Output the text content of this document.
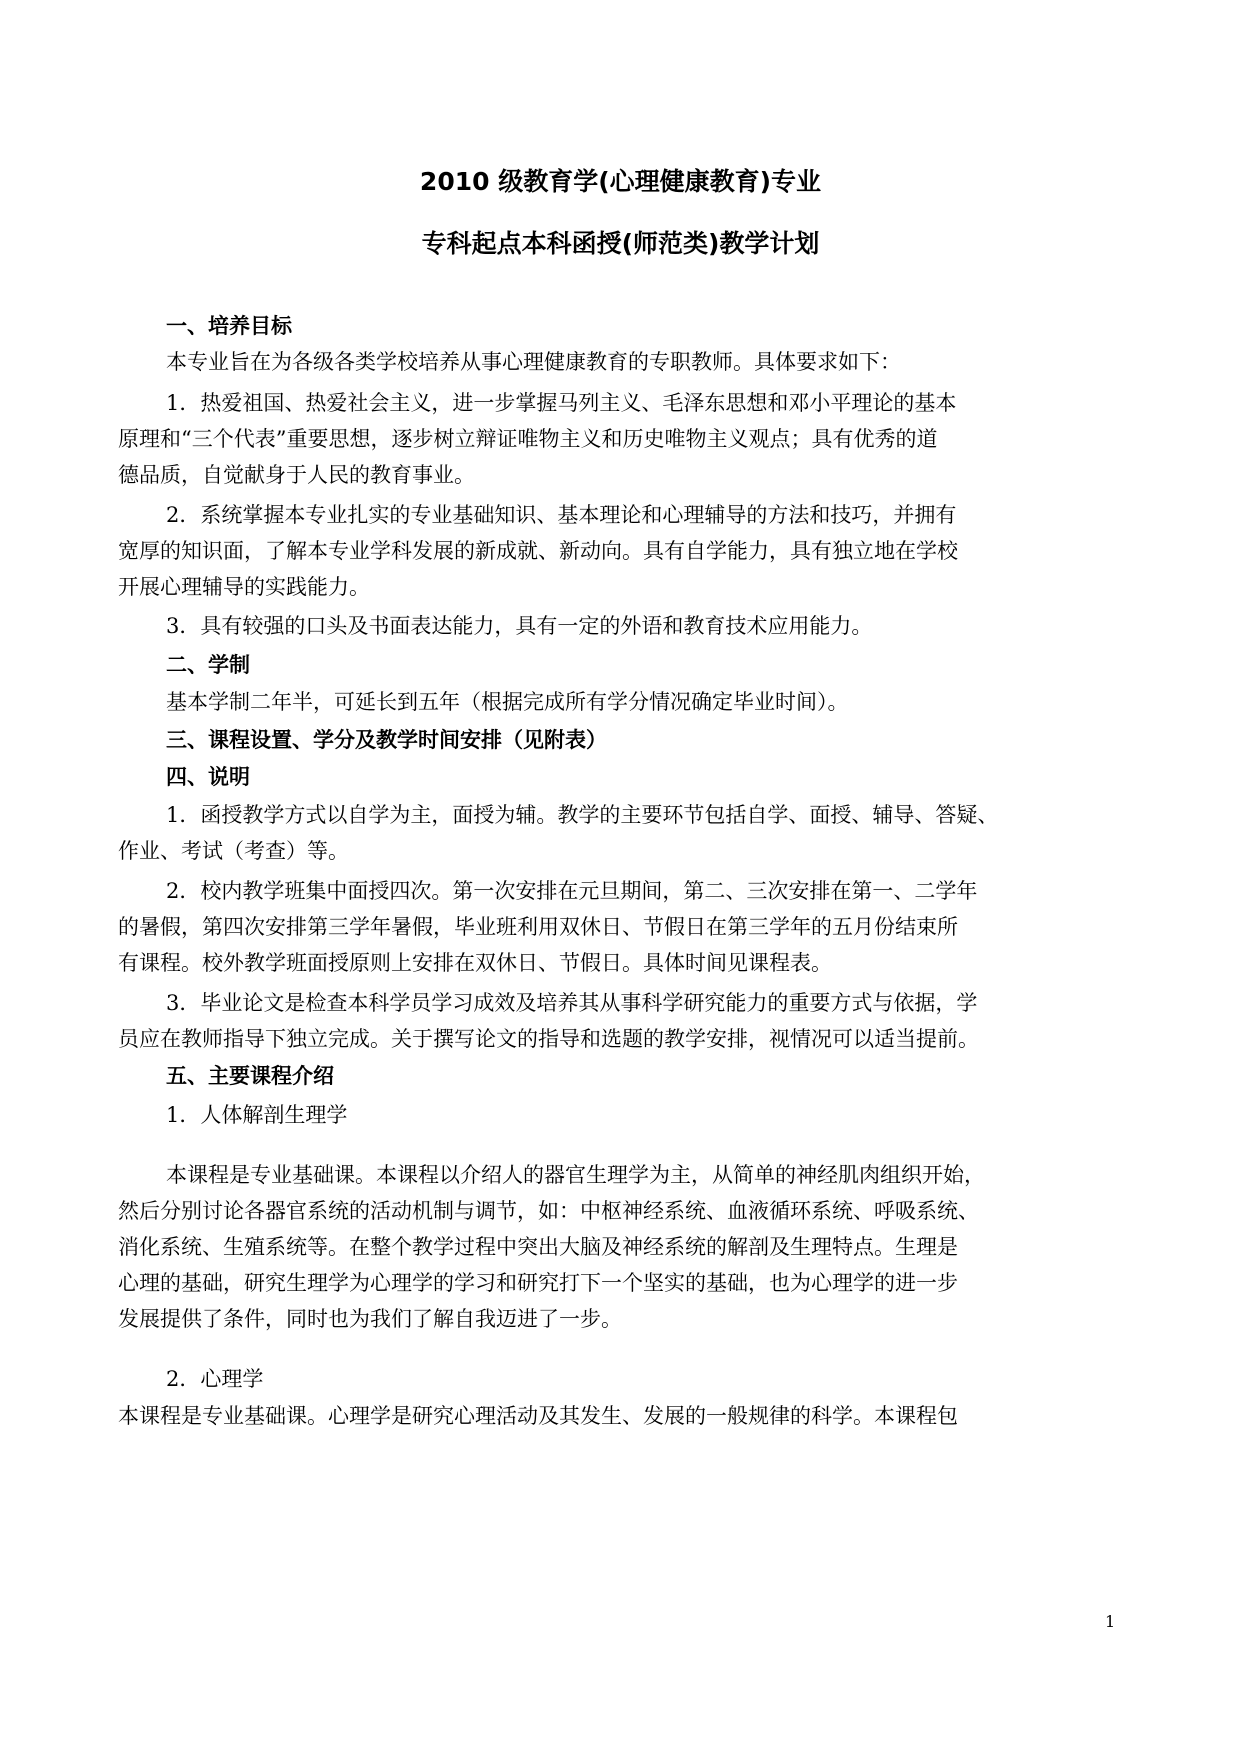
2010 级教育学(心理健康教育)专业
专科起点本科函授(师范类)教学计划
一、培养目标
本专业旨在为各级各类学校培养从事心理健康教育的专职教师。具体要求如下：
1．热爱祖国、热爱社会主义，进一步掌握马列主义、毛泽东思想和邓小平理论的基本
原理和“三个代表”重要思想，逐步树立辩证唯物主义和历史唯物主义观点；具有优秀的道
德品质，自觉献身于人民的教育事业。
2．系统掌握本专业扎实的专业基础知识、基本理论和心理辅导的方法和技巧，并拥有
宽厚的知识面，了解本专业学科发展的新成就、新动向。具有自学能力，具有独立地在学校
开展心理辅导的实践能力。
3．具有较强的口头及书面表达能力，具有一定的外语和教育技术应用能力。
二、学制
基本学制二年半，可延长到五年（根据完成所有学分情况确定毕业时间）。
三、课程设置、学分及教学时间安排（见附表）
四、说明
1．函授教学方式以自学为主，面授为辅。教学的主要环节包括自学、面授、辅导、答疑、
作业、考试（考查）等。
2．校内教学班集中面授四次。第一次安排在元旦期间，第二、三次安排在第一、二学年
的暑假，第四次安排第三学年暑假，毕业班利用双休日、节假日在第三学年的五月份结束所
有课程。校外教学班面授原则上安排在双休日、节假日。具体时间见课程表。
3．毕业论文是检查本科学员学习成效及培养其从事科学研究能力的重要方式与依据，学
员应在教师指导下独立完成。关于撰写论文的指导和选题的教学安排，视情况可以适当提前。
五、主要课程介绍
1．人体解剖生理学
本课程是专业基础课。本课程以介绍人的器官生理学为主，从简单的神经肌肉组织开始，
然后分别讨论各器官系统的活动机制与调节，如：中枢神经系统、血液循环系统、呼吸系统、
消化系统、生殖系统等。在整个教学过程中突出大脑及神经系统的解剖及生理特点。生理是
心理的基础，研究生理学为心理学的学习和研究打下一个坚实的基础，也为心理学的进一步
发展提供了条件，同时也为我们了解自我迈进了一步。
2．心理学
本课程是专业基础课。心理学是研究心理活动及其发生、发展的一般规律的科学。本课程包
1
